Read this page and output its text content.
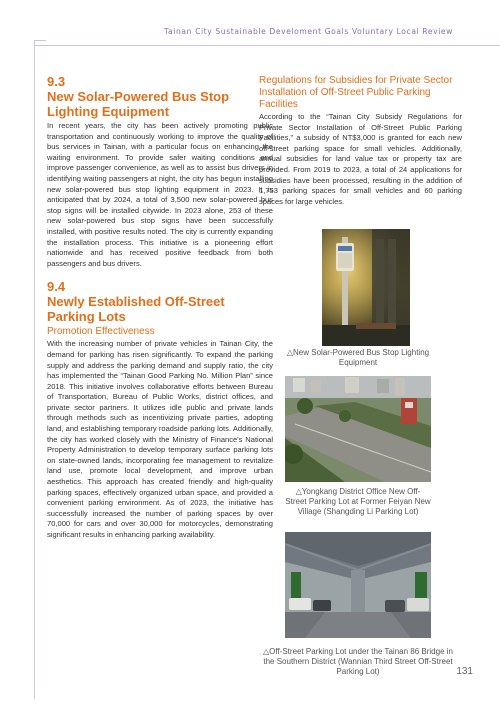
Tainan City Sustainable Develoment Goals Voluntary Local Review
9.3
New Solar-Powered Bus Stop Lighting Equipment

In recent years, the city has been actively promoting public transportation and continuously working to improve the quality of bus services in Tainan, with a particular focus on enhancing the waiting environment. To provide safer waiting conditions and improve passenger convenience, as well as to assist bus drivers in identifying waiting passengers at night, the city has begun installing new solar-powered bus stop lighting equipment in 2023. It is anticipated that by 2024, a total of 3,500 new solar-powered bus stop signs will be installed citywide. In 2023 alone, 253 of these new solar-powered bus stop signs have been successfully installed, with positive results noted. The city is currently expanding the installation process. This initiative is a pioneering effort nationwide and has received positive feedback from both passengers and bus drivers.

9.4
Newly Established Off-Street Parking Lots
Promotion Effectiveness

With the increasing number of private vehicles in Tainan City, the demand for parking has risen significantly. To expand the parking supply and address the parking demand and supply ratio, the city has implemented the “Tainan Good Parking No. Million Plan” since 2018. This initiative involves collaborative efforts between Bureau of Transportation, Bureau of Public Works, district offices, and private sector partners. It utilizes idle public and private lands through methods such as incentivizing private parties, adopting land, and establishing temporary roadside parking lots. Additionally, the city has worked closely with the Ministry of Finance's National Property Administration to develop temporary surface parking lots on state-owned lands, incorporating fee management to revitalize land use, promote local development, and improve urban aesthetics. This approach has created friendly and high-quality parking spaces, effectively organized urban space, and provided a convenient parking environment. As of 2023, the initiative has successfully increased the number of parking spaces by over 70,000 for cars and over 30,000 for motorcycles, demonstrating significant results in enhancing parking availability.

Regulations for Subsidies for Private Sector Installation of Off-Street Public Parking Facilities

According to the “Tainan City Subsidy Regulations for Private Sector Installation of Off-Street Public Parking Facilities,” a subsidy of NT$3,000 is granted for each new off-street parking space for small vehicles. Additionally, annual subsidies for land value tax or property tax are provided. From 2019 to 2023, a total of 24 applications for subsidies have been processed, resulting in the addition of 1,753 parking spaces for small vehicles and 60 parking spaces for large vehicles.

△New Solar-Powered Bus Stop Lighting Equipment
△Yongkang District Office New Off-Street Parking Lot at Former Feiyan New Village (Shangding Li Parking Lot)
△Off-Street Parking Lot under the Tainan 86 Bridge in the Southern District (Wannian Third Street Off-Street Parking Lot)	131
